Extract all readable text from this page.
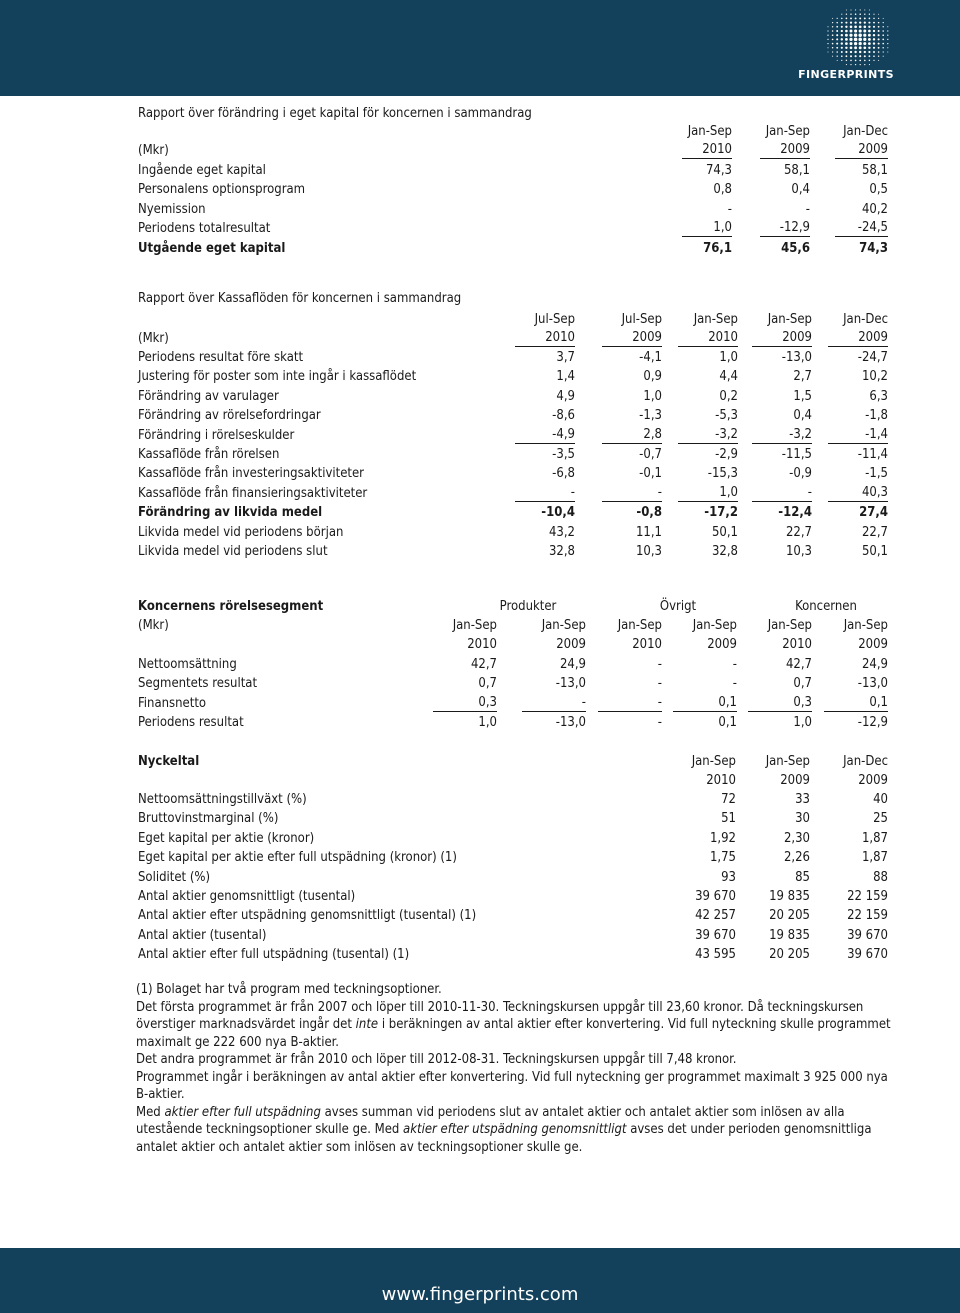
FINGERPRINTS
Rapport över förändring i eget kapital för koncernen i sammandrag
Jan-Sep	Jan-Sep	Jan-Dec
(Mkr)	2010	2009	2009
Ingående eget kapital	74,3	58,1	58,1
Personalens optionsprogram	0,8	0,4	0,5
Nyemission	-	-	40,2
Periodens totalresultat	1,0	-12,9	-24,5
Utgående eget kapital	76,1	45,6	74,3
Rapport över Kassaflöden för koncernen i sammandrag
Jul-Sep	Jul-Sep	Jan-Sep	Jan-Sep	Jan-Dec
(Mkr)	2010	2009	2010	2009	2009
Periodens resultat före skatt	3,7	-4,1	1,0	-13,0	-24,7
Justering för poster som inte ingår i kassaflödet	1,4	0,9	4,4	2,7	10,2
Förändring av varulager	4,9	1,0	0,2	1,5	6,3
Förändring av rörelsefordringar	-8,6	-1,3	-5,3	0,4	-1,8
Förändring i rörelseskulder	-4,9	2,8	-3,2	-3,2	-1,4
Kassaflöde från rörelsen	-3,5	-0,7	-2,9	-11,5	-11,4
Kassaflöde från investeringsaktiviteter	-6,8	-0,1	-15,3	-0,9	-1,5
Kassaflöde från finansieringsaktiviteter	-	-	1,0	-	40,3
Förändring av likvida medel	-10,4	-0,8	-17,2	-12,4	27,4
Likvida medel vid periodens början	43,2	11,1	50,1	22,7	22,7
Likvida medel vid periodens slut	32,8	10,3	32,8	10,3	50,1
Koncernens rörelsesegment	Produkter	Övrigt	Koncernen
(Mkr)	Jan-Sep	Jan-Sep	Jan-Sep	Jan-Sep	Jan-Sep	Jan-Sep
2010	2009	2010	2009	2010	2009
Nettoomsättning	42,7	24,9	-	-	42,7	24,9
Segmentets resultat	0,7	-13,0	-	-	0,7	-13,0
Finansnetto	0,3	-	-	0,1	0,3	0,1
Periodens resultat	1,0	-13,0	-	0,1	1,0	-12,9
Nyckeltal	Jan-Sep	Jan-Sep	Jan-Dec
2010	2009	2009
Nettoomsättningstillväxt (%)	72	33	40
Bruttovinstmarginal (%)	51	30	25
Eget kapital per aktie (kronor)	1,92	2,30	1,87
Eget kapital per aktie efter full utspädning (kronor) (1)	1,75	2,26	1,87
Soliditet (%)	93	85	88
Antal aktier genomsnittligt (tusental)	39 670	19 835	22 159
Antal aktier efter utspädning genomsnittligt (tusental) (1)	42 257	20 205	22 159
Antal aktier (tusental)	39 670	19 835	39 670
Antal aktier efter full utspädning (tusental) (1)	43 595	20 205	39 670

(1) Bolaget har två program med teckningsoptioner.

Det första programmet är från 2007 och löper till 2010-11-30. Teckningskursen uppgår till 23,60 kronor. Då teckningskursen överstiger marknadsvärdet ingår det inte i beräkningen av antal aktier efter konvertering. Vid full nyteckning skulle programmet maximalt ge 222 600 nya B-aktier.

Det andra programmet är från 2010 och löper till 2012-08-31. Teckningskursen uppgår till 7,48 kronor.

Programmet ingår i beräkningen av antal aktier efter konvertering. Vid full nyteckning ger programmet maximalt 3 925 000 nya B-aktier.

Med aktier efter full utspädning avses summan vid periodens slut av antalet aktier och antalet aktier som inlösen av alla utestående teckningsoptioner skulle ge. Med aktier efter utspädning genomsnittligt avses det under perioden genomsnittliga antalet aktier och antalet aktier som inlösen av teckningsoptioner skulle ge.

www.fingerprints.com
